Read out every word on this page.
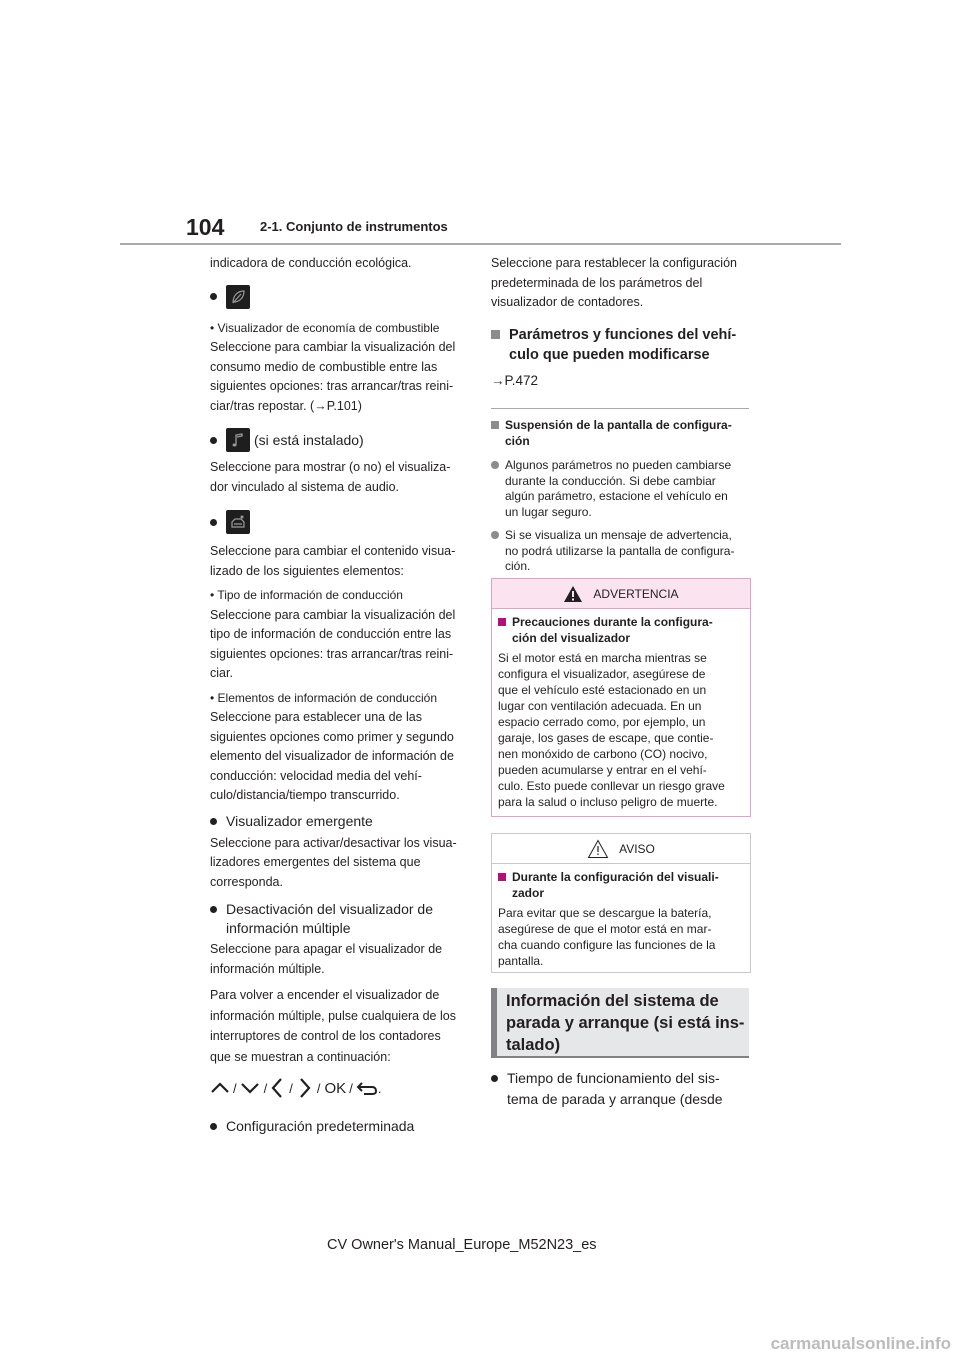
104	2-1. Conjunto de instrumentos

indicadora de conducción ecológica.

• Visualizador de economía de combustible

Seleccione para cambiar la visualización del

consumo medio de combustible entre las

siguientes opciones: tras arrancar/tras reini-

ciar/tras repostar. (→P.101)

(si está instalado)

Seleccione para mostrar (o no) el visualiza-

dor vinculado al sistema de audio.

Seleccione para cambiar el contenido visua-

lizado de los siguientes elementos:

• Tipo de información de conducción

Seleccione para cambiar la visualización del

tipo de información de conducción entre las

siguientes opciones: tras arrancar/tras reini-

ciar.

• Elementos de información de conducción

Seleccione para establecer una de las

siguientes opciones como primer y segundo

elemento del visualizador de información de

conducción: velocidad media del vehí-

culo/distancia/tiempo transcurrido.

Visualizador emergente

Seleccione para activar/desactivar los visua-

lizadores emergentes del sistema que

corresponda.

Desactivación del visualizador de
información múltiple

Seleccione para apagar el visualizador de

información múltiple.

Para volver a encender el visualizador de

información múltiple, pulse cualquiera de los

interruptores de control de los contadores

que se muestran a continuación:

/ / / / OK / .
Configuración predeterminada

Seleccione para restablecer la configuración

predeterminada de los parámetros del

visualizador de contadores.

Parámetros y funciones del vehí-
culo que pueden modificarse

→P.472

Suspensión de la pantalla de configura-
ción
Algunos parámetros no pueden cambiarse
durante la conducción. Si debe cambiar
algún parámetro, estacione el vehículo en
un lugar seguro.
Si se visualiza un mensaje de advertencia,
no podrá utilizarse la pantalla de configura-
ción.
ADVERTENCIA
Precauciones durante la configura-
ción del visualizador
Si el motor está en marcha mientras se
configura el visualizador, asegúrese de
que el vehículo esté estacionado en un
lugar con ventilación adecuada. En un
espacio cerrado como, por ejemplo, un
garaje, los gases de escape, que contie-
nen monóxido de carbono (CO) nocivo,
pueden acumularse y entrar en el vehí-
culo. Esto puede conllevar un riesgo grave
para la salud o incluso peligro de muerte.
AVISO
Durante la configuración del visuali-
zador
Para evitar que se descargue la batería,
asegúrese de que el motor está en mar-
cha cuando configure las funciones de la
pantalla.
Información del sistema de
parada y arranque (si está ins-
talado)
Tiempo de funcionamiento del sis-
tema de parada y arranque (desde
CV Owner's Manual_Europe_M52N23_es
carmanualsonline.info
